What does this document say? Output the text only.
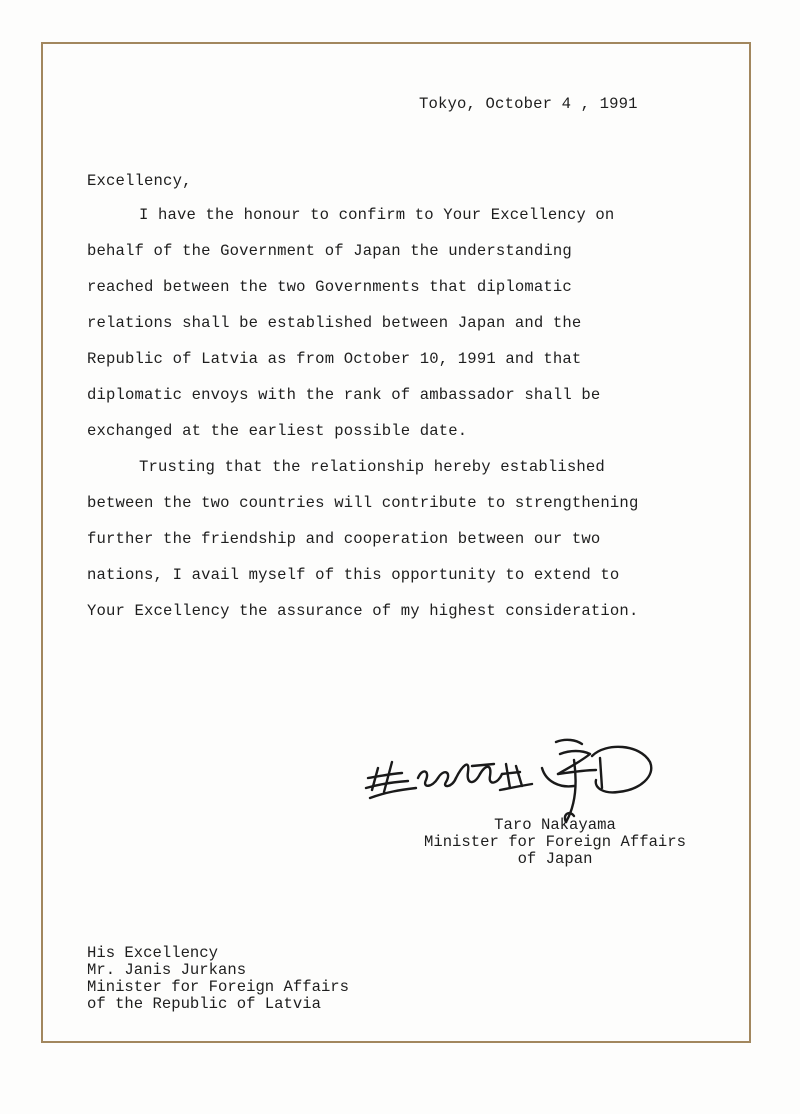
Tokyo, October 4 , 1991
Excellency,
I have the honour to confirm to Your Excellency on
behalf of the Government of Japan the understanding
reached between the two Governments that diplomatic
relations shall be established between Japan and the
Republic of Latvia as from October 10, 1991 and that
diplomatic envoys with the rank of ambassador shall be
exchanged at the earliest possible date.
Trusting that the relationship hereby established
between the two countries will contribute to strengthening
further the friendship and cooperation between our two
nations, I avail myself of this opportunity to extend to
Your Excellency the assurance of my highest consideration.
Taro Nakayama
Minister for Foreign Affairs
of Japan
His Excellency
Mr. Janis Jurkans
Minister for Foreign Affairs
of the Republic of Latvia
